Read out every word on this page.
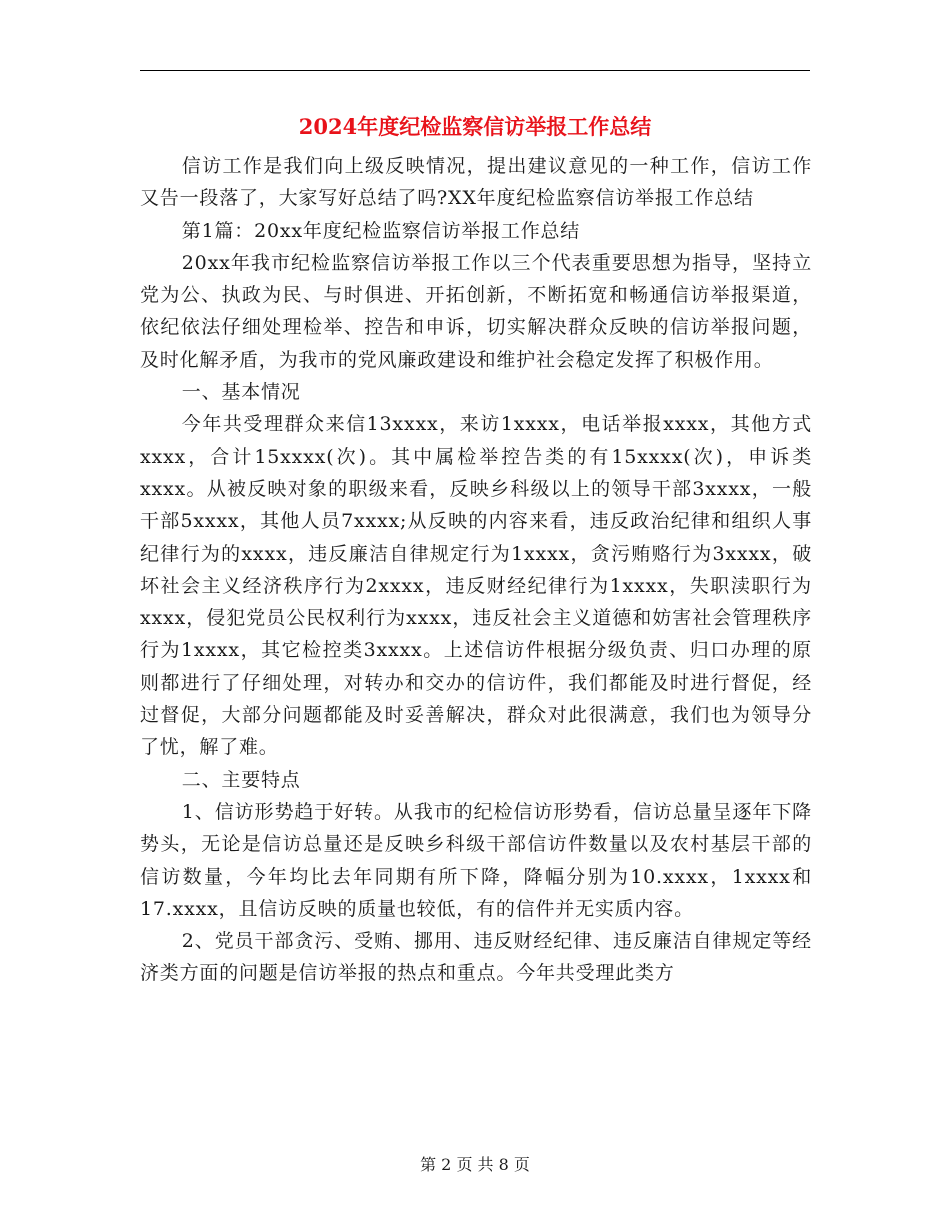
2024年度纪检监察信访举报工作总结

信访工作是我们向上级反映情况，提出建议意见的一种工作，信访工作又告一段落了，大家写好总结了吗?XX年度纪检监察信访举报工作总结

第1篇：20xx年度纪检监察信访举报工作总结

20xx年我市纪检监察信访举报工作以三个代表重要思想为指导，坚持立党为公、执政为民、与时俱进、开拓创新，不断拓宽和畅通信访举报渠道，依纪依法仔细处理检举、控告和申诉，切实解决群众反映的信访举报问题，及时化解矛盾，为我市的党风廉政建设和维护社会稳定发挥了积极作用。

一、基本情况

今年共受理群众来信13xxxx，来访1xxxx，电话举报xxxx，其他方式xxxx，合计15xxxx(次)。其中属检举控告类的有15xxxx(次)，申诉类xxxx。从被反映对象的职级来看，反映乡科级以上的领导干部3xxxx，一般干部5xxxx，其他人员7xxxx;从反映的内容来看，违反政治纪律和组织人事纪律行为的xxxx，违反廉洁自律规定行为1xxxx，贪污贿赂行为3xxxx，破坏社会主义经济秩序行为2xxxx，违反财经纪律行为1xxxx，失职渎职行为xxxx，侵犯党员公民权利行为xxxx，违反社会主义道德和妨害社会管理秩序行为1xxxx，其它检控类3xxxx。上述信访件根据分级负责、归口办理的原则都进行了仔细处理，对转办和交办的信访件，我们都能及时进行督促，经过督促，大部分问题都能及时妥善解决，群众对此很满意，我们也为领导分了忧，解了难。

二、主要特点

1、信访形势趋于好转。从我市的纪检信访形势看，信访总量呈逐年下降势头，无论是信访总量还是反映乡科级干部信访件数量以及农村基层干部的信访数量，今年均比去年同期有所下降，降幅分别为10.xxxx，1xxxx和17.xxxx，且信访反映的质量也较低，有的信件并无实质内容。

2、党员干部贪污、受贿、挪用、违反财经纪律、违反廉洁自律规定等经济类方面的问题是信访举报的热点和重点。今年共受理此类方

第 2 页 共 8 页
